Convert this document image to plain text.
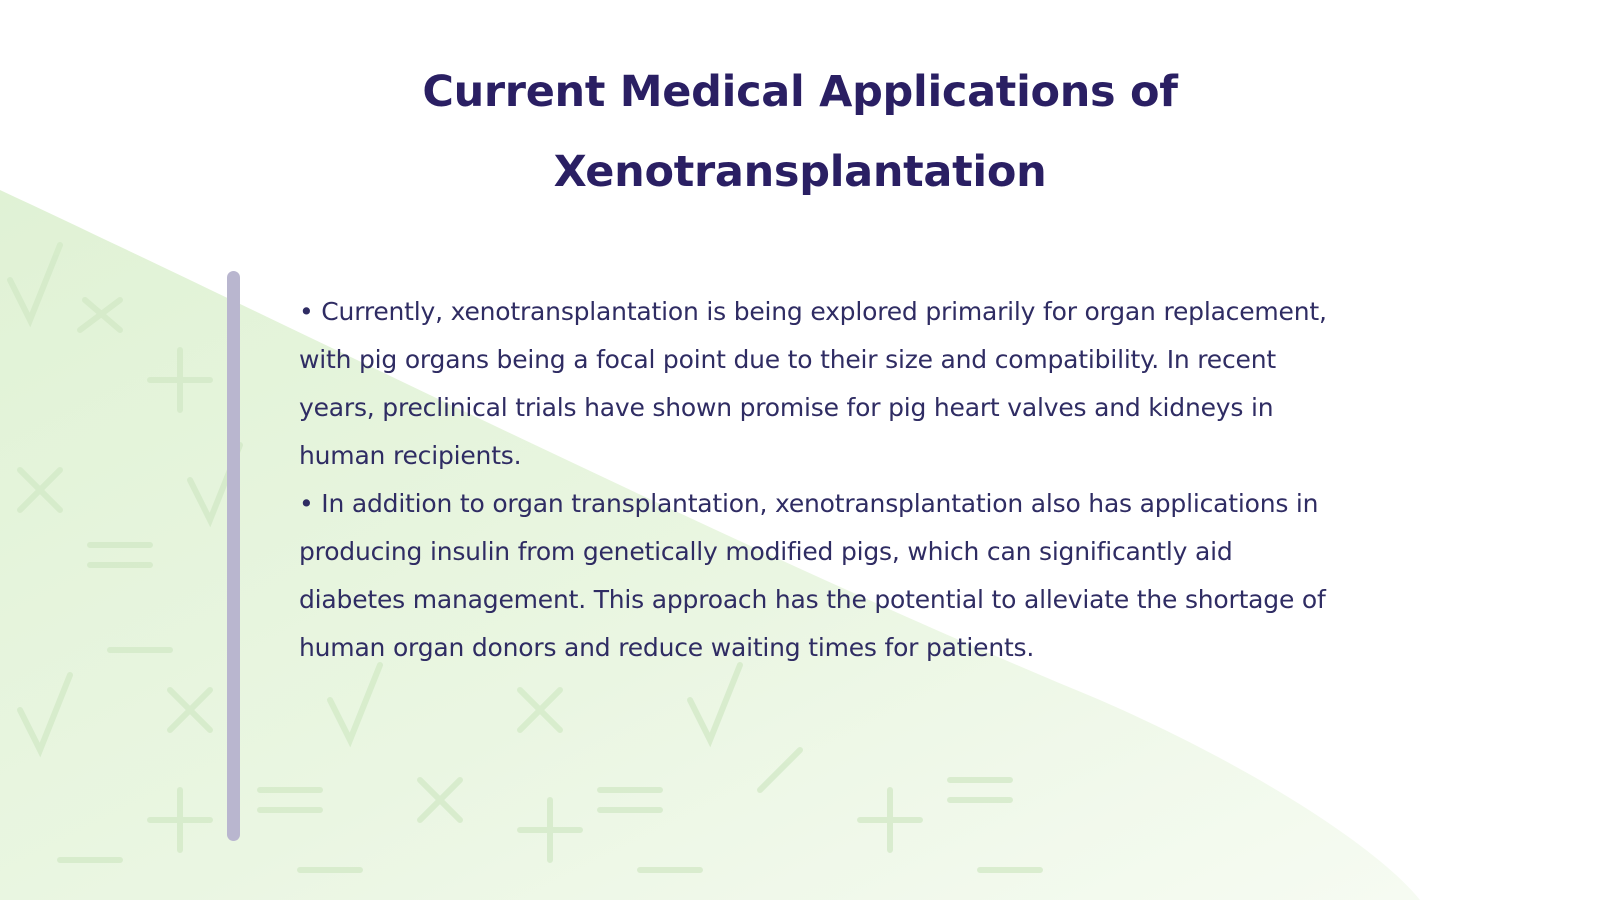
Current Medical Applications of Xenotransplantation

• Currently, xenotransplantation is being explored primarily for organ replacement, with pig organs being a focal point due to their size and compatibility. In recent years, preclinical trials have shown promise for pig heart valves and kidneys in human recipients.

• In addition to organ transplantation, xenotransplantation also has applications in producing insulin from genetically modified pigs, which can significantly aid diabetes management. This approach has the potential to alleviate the shortage of human organ donors and reduce waiting times for patients.
